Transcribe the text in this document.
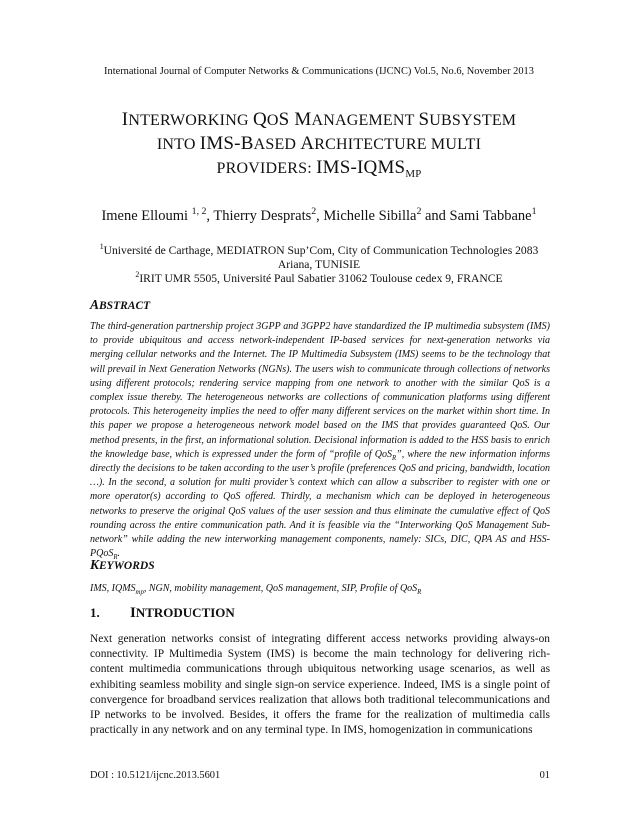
International Journal of Computer Networks & Communications (IJCNC) Vol.5, No.6, November 2013
INTERWORKING QOS MANAGEMENT SUBSYSTEM
INTO IMS-BASED ARCHITECTURE MULTI
PROVIDERS: IMS-$IQMS_{MP}$
Imene Elloumi $^{1, 2}$, Thierry Desprats$^2$, Michelle Sibilla$^2$ and Sami Tabbane$^1$
$^1$Université de Carthage, MEDIATRON Sup’Com, City of Communication Technologies 2083
Ariana, TUNISIE
$^2$IRIT UMR 5505, Université Paul Sabatier 31062 Toulouse cedex 9, FRANCE
ABSTRACT
The third-generation partnership project 3GPP and 3GPP2 have standardized the IP multimedia subsystem (IMS) to provide ubiquitous and access network-independent IP-based services for next-generation networks via merging cellular networks and the Internet. The IP Multimedia Subsystem (IMS) seems to be the technology that will prevail in Next Generation Networks (NGNs). The users wish to communicate through collections of networks using different protocols; rendering service mapping from one network to another with the similar QoS is a complex issue thereby. The heterogeneous networks are collections of communication platforms using different protocols. This heterogeneity implies the need to offer many different services on the market within short time. In this paper we propose a heterogeneous network model based on the IMS that provides guaranteed QoS. Our method presents, in the first, an informational solution. Decisional information is added to the HSS basis to enrich the knowledge base, which is expressed under the form of “profile of QoS$_R$”, where the new information informs directly the decisions to be taken according to the user’s profile (preferences QoS and pricing, bandwidth, location …). In the second, a solution for multi provider’s context which can allow a subscriber to register with one or more operator(s) according to QoS offered. Thirdly, a mechanism which can be deployed in heterogeneous networks to preserve the original QoS values of the user session and thus eliminate the cumulative effect of QoS rounding across the entire communication path. And it is feasible via the “Interworking QoS Management Sub-network” while adding the new interworking management components, namely: SICs, DIC, QPA AS and HSS-PQoS$_R$.
KEYWORDS
IMS, $IQMS_{mp}$, NGN, mobility management, QoS management, SIP, Profile of QoS$_R$
1. INTRODUCTION
Next generation networks consist of integrating different access networks providing always-on connectivity. IP Multimedia System (IMS) is become the main technology for delivering rich-content multimedia communications through ubiquitous networking usage scenarios, as well as exhibiting seamless mobility and single sign-on service experience. Indeed, IMS is a single point of convergence for broadband services realization that allows both traditional telecommunications and IP networks to be involved. Besides, it offers the frame for the realization of multimedia calls practically in any network and on any terminal type. In IMS, homogenization in communications
DOI : 10.5121/ijcnc.2013.5601	01
